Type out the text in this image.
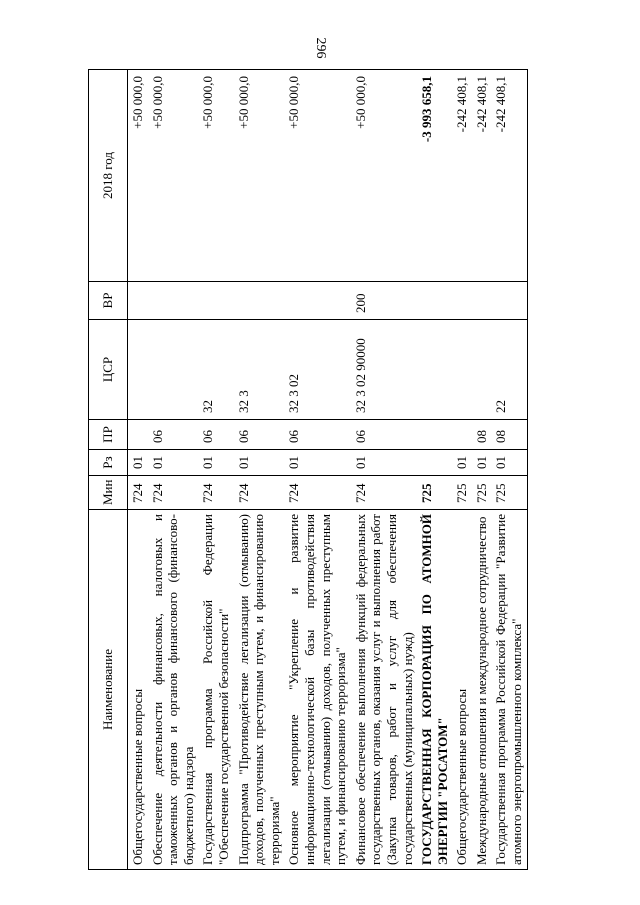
296
Наименование	Мин	Рз	ПР	ЦСР	ВР	2018 год
Общегосударственные вопросы	724	01				+50 000,0
Обеспечение деятельности финансовых, налоговых и таможенных органов и органов финансового (финансово-бюджетного) надзора	724	01	06			+50 000,0
Государственная программа Российской Федерации "Обеспечение государственной безопасности"	724	01	06	32		+50 000,0
Подпрограмма "Противодействие легализации (отмыванию) доходов, полученных преступным путем, и финансированию терроризма"	724	01	06	32 3		+50 000,0
Основное мероприятие "Укрепление и развитие информационно-технологической базы противодействия легализации (отмыванию) доходов, полученных преступным путем, и финансированию терроризма"	724	01	06	32 3 02		+50 000,0
Финансовое обеспечение выполнения функций федеральных государственных органов, оказания услуг и выполнения работ (Закупка товаров, работ и услуг для обеспечения государственных (муниципальных) нужд)	724	01	06	32 3 02 90000	200	+50 000,0
ГОСУДАРСТВЕННАЯ КОРПОРАЦИЯ ПО АТОМНОЙ ЭНЕРГИИ "РОСАТОМ"	725					-3 993 658,1
Общегосударственные вопросы	725	01				-242 408,1
Международные отношения и международное сотрудничество	725	01	08			-242 408,1
Государственная программа Российской Федерации "Развитие атомного энергопромышленного комплекса"	725	01	08	22		-242 408,1
